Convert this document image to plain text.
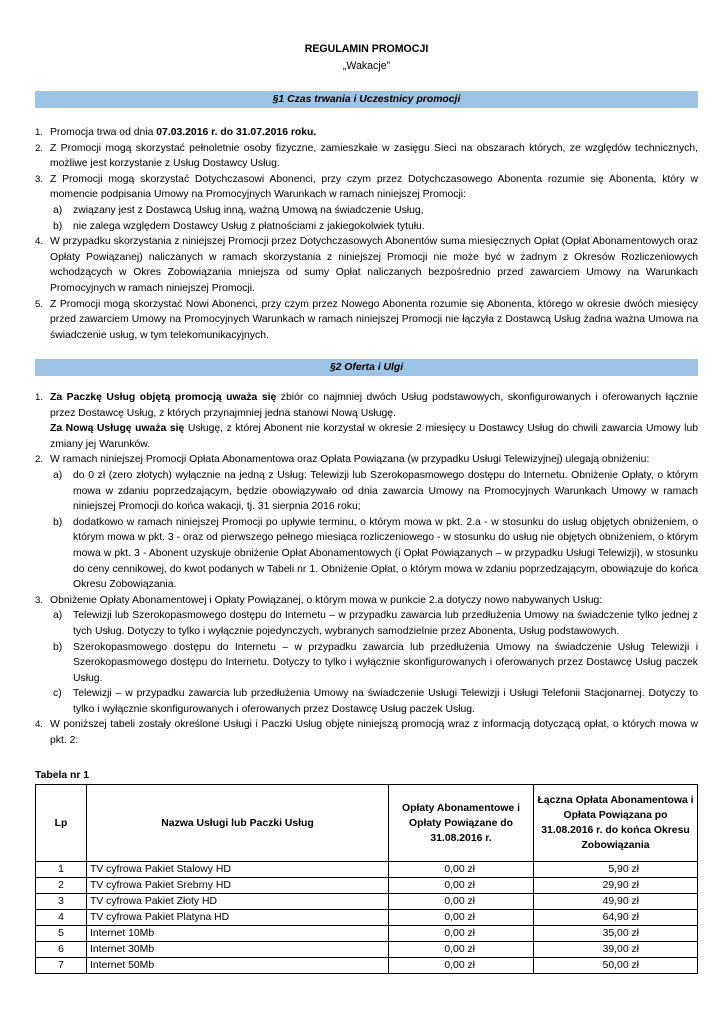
REGULAMIN PROMOCJI
„Wakacje”
§1 Czas trwania i Uczestnicy promocji
1. Promocja trwa od dnia 07.03.2016 r. do 31.07.2016 roku.
2. Z Promocji mogą skorzystać pełnoletnie osoby fizyczne, zamieszkałe w zasięgu Sieci na obszarach których, ze względów technicznych, możliwe jest korzystanie z Usług Dostawcy Usług.
3. Z Promocji mogą skorzystać Dotychczasowi Abonenci, przy czym przez Dotychczasowego Abonenta rozumie się Abonenta, który w momencie podpisania Umowy na Promocyjnych Warunkach w ramach niniejszej Promocji:
a) związany jest z Dostawcą Usług inną, ważną Umową na świadczenie Usług,
b) nie zalega względem Dostawcy Usług z płatnościami z jakiegokolwiek tytułu.
4. W przypadku skorzystania z niniejszej Promocji przez Dotychczasowych Abonentów suma miesięcznych Opłat (Opłat Abonamentowych oraz Opłaty Powiązanej) naliczanych w ramach skorzystania z niniejszej Promocji nie może być w żadnym z Okresów Rozliczeniowych wchodzących w Okres Zobowiązania mniejsza od sumy Opłat naliczanych bezpośrednio przed zawarciem Umowy na Warunkach Promocyjnych w ramach niniejszej Promocji.
5. Z Promocji mogą skorzystać Nowi Abonenci, przy czym przez Nowego Abonenta rozumie się Abonenta, którego w okresie dwóch miesięcy przed zawarciem Umowy na Promocyjnych Warunkach w ramach niniejszej Promocji nie łączyła z Dostawcą Usług żadna ważna Umowa na świadczenie usług, w tym telekomunikacyjnych.
§2 Oferta i Ulgi
1. Za Paczkę Usług objętą promocją uważa się zbiór co najmniej dwóch Usług podstawowych, skonfigurowanych i oferowanych łącznie przez Dostawcę Usług, z których przynajmniej jedna stanowi Nową Usługę.
Za Nową Usługę uważa się Usługę, z której Abonent nie korzystał w okresie 2 miesięcy u Dostawcy Usług do chwili zawarcia Umowy lub zmiany jej Warunków.
2. W ramach niniejszej Promocji Opłata Abonamentowa oraz Opłata Powiązana (w przypadku Usługi Telewizyjnej) ulegają obniżeniu:
a) do 0 zł (zero złotych) wyłącznie na jedną z Usług: Telewizji lub Szerokopasmowego dostępu do Internetu. Obniżenie Opłaty, o którym mowa w zdaniu poprzedzającym, będzie obowiązywało od dnia zawarcia Umowy na Promocyjnych Warunkach Umowy w ramach niniejszej Promocji do końca wakacji, tj. 31 sierpnia 2016 roku;
b) dodatkowo w ramach niniejszej Promocji po upływie terminu, o którym mowa w pkt. 2.a - w stosunku do usług objętych obniżeniem, o którym mowa w pkt. 3 - oraz od pierwszego pełnego miesiąca rozliczeniowego - w stosunku do usług nie objętych obniżeniem, o którym mowa w pkt. 3 - Abonent uzyskuje obniżenie Opłat Abonamentowych (i Opłat Powiązanych – w przypadku Usługi Telewizji), w stosunku do ceny cennikowej, do kwot podanych w Tabeli nr 1. Obniżenie Opłat, o którym mowa w zdaniu poprzedzającym, obowiązuje do końca Okresu Zobowiązania.
3. Obniżenie Opłaty Abonamentowej i Opłaty Powiązanej, o którym mowa w punkcie 2.a dotyczy nowo nabywanych Usług:
a) Telewizji lub Szerokopasmowego dostępu do Internetu – w przypadku zawarcia lub przedłużenia Umowy na świadczenie tylko jednej z tych Usług. Dotyczy to tylko i wyłącznie pojedynczych, wybranych samodzielnie przez Abonenta, Usług podstawowych.
b) Szerokopasmowego dostępu do Internetu – w przypadku zawarcia lub przedłużenia Umowy na świadczenie Usług Telewizji i Szerokopasmowego dostępu do Internetu. Dotyczy to tylko i wyłącznie skonfigurowanych i oferowanych przez Dostawcę Usług paczek Usług.
c) Telewizji – w przypadku zawarcia lub przedłużenia Umowy na świadczenie Usługi Telewizji i Usługi Telefonii Stacjonarnej. Dotyczy to tylko i wyłącznie skonfigurowanych i oferowanych przez Dostawcę Usług paczek Usług.
4. W poniższej tabeli zostały określone Usługi i Paczki Usług objęte niniejszą promocją wraz z informacją dotyczącą opłat, o których mowa w pkt. 2:
Tabela nr 1
Lp	Nazwa Usługi lub Paczki Usług	Opłaty Abonamentowe i Opłaty Powiązane do 31.08.2016 r.	Łączna Opłata Abonamentowa i Opłata Powiązana po 31.08.2016 r. do końca Okresu Zobowiązania
1	TV cyfrowa Pakiet Stalowy HD	0,00 zł	5,90 zł
2	TV cyfrowa Pakiet Srebrny HD	0,00 zł	29,90 zł
3	TV cyfrowa Pakiet Złoty HD	0,00 zł	49,90 zł
4	TV cyfrowa Pakiet Platyna HD	0,00 zł	64,90 zł
5	Internet 10Mb	0,00 zł	35,00 zł
6	Internet 30Mb	0,00 zł	39,00 zł
7	Internet 50Mb	0,00 zł	50,00 zł
